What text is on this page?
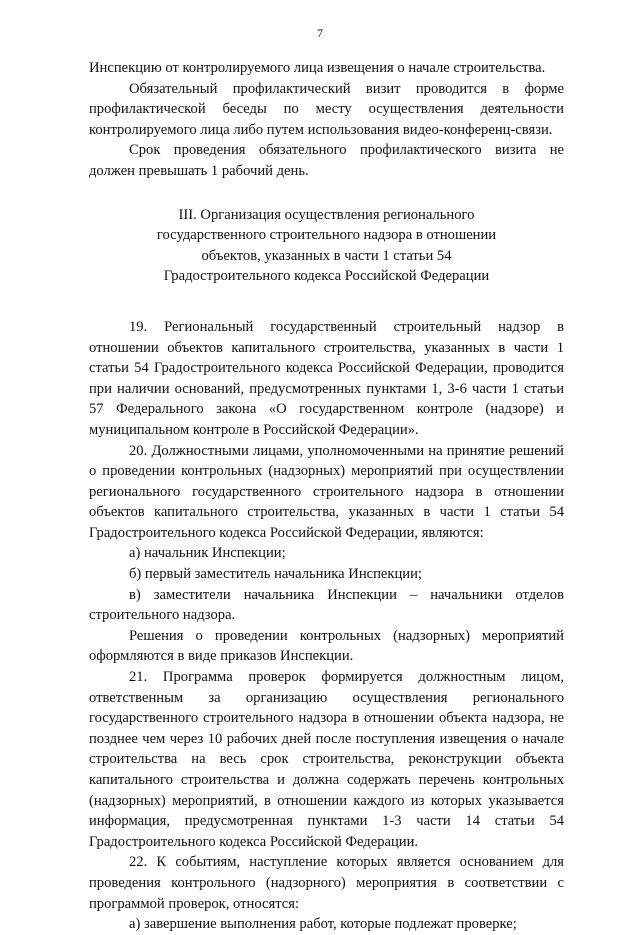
7

Инспекцию от контролируемого лица извещения о начале строительства.

Обязательный профилактический визит проводится в форме профилактической беседы по месту осуществления деятельности контролируемого лица либо путем использования видео-конференц-связи.

Срок проведения обязательного профилактического визита не должен превышать 1 рабочий день.

III. Организация осуществления регионального
государственного строительного надзора в отношении
объектов, указанных в части 1 статьи 54
Градостроительного кодекса Российской Федерации

19. Региональный государственный строительный надзор в отношении объектов капитального строительства, указанных в части 1 статьи 54 Градостроительного кодекса Российской Федерации, проводится при наличии оснований, предусмотренных пунктами 1, 3-6 части 1 статьи 57 Федерального закона «О государственном контроле (надзоре) и муниципальном контроле в Российской Федерации».

20. Должностными лицами, уполномоченными на принятие решений о проведении контрольных (надзорных) мероприятий при осуществлении регионального государственного строительного надзора в отношении объектов капитального строительства, указанных в части 1 статьи 54 Градостроительного кодекса Российской Федерации, являются:

а) начальник Инспекции;

б) первый заместитель начальника Инспекции;

в) заместители начальника Инспекции – начальники отделов строительного надзора.

Решения о проведении контрольных (надзорных) мероприятий оформляются в виде приказов Инспекции.

21. Программа проверок формируется должностным лицом, ответственным за организацию осуществления регионального государственного строительного надзора в отношении объекта надзора, не позднее чем через 10 рабочих дней после поступления извещения о начале строительства на весь срок строительства, реконструкции объекта капитального строительства и должна содержать перечень контрольных (надзорных) мероприятий, в отношении каждого из которых указывается информация, предусмотренная пунктами 1-3 части 14 статьи 54 Градостроительного кодекса Российской Федерации.

22. К событиям, наступление которых является основанием для проведения контрольного (надзорного) мероприятия в соответствии с программой проверок, относятся:

а) завершение выполнения работ, которые подлежат проверке;
